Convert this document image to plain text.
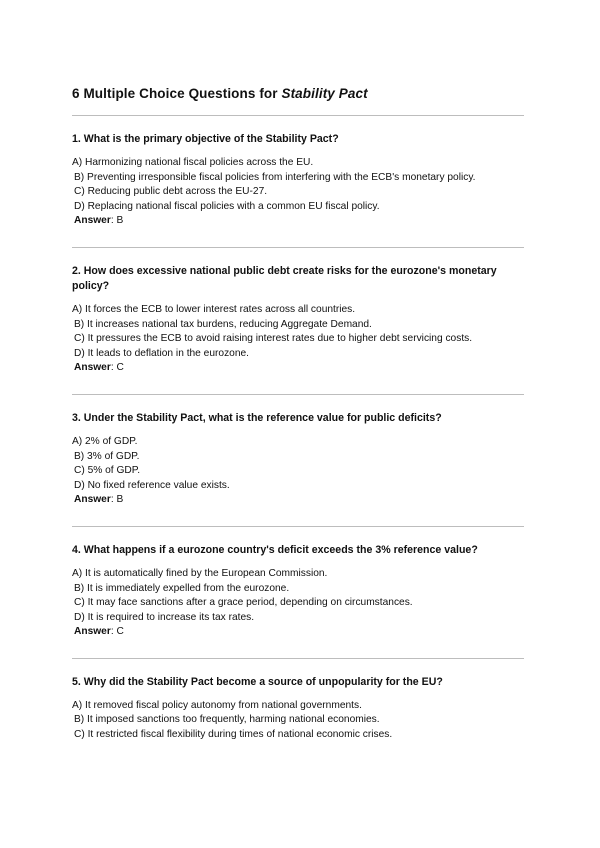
6 Multiple Choice Questions for Stability Pact

1. What is the primary objective of the Stability Pact?

A) Harmonizing national fiscal policies across the EU.
B) Preventing irresponsible fiscal policies from interfering with the ECB's monetary policy.
C) Reducing public debt across the EU-27.
D) Replacing national fiscal policies with a common EU fiscal policy.
Answer: B

2. How does excessive national public debt create risks for the eurozone's monetary policy?

A) It forces the ECB to lower interest rates across all countries.
B) It increases national tax burdens, reducing Aggregate Demand.
C) It pressures the ECB to avoid raising interest rates due to higher debt servicing costs.
D) It leads to deflation in the eurozone.
Answer: C

3. Under the Stability Pact, what is the reference value for public deficits?

A) 2% of GDP.
B) 3% of GDP.
C) 5% of GDP.
D) No fixed reference value exists.
Answer: B

4. What happens if a eurozone country's deficit exceeds the 3% reference value?

A) It is automatically fined by the European Commission.
B) It is immediately expelled from the eurozone.
C) It may face sanctions after a grace period, depending on circumstances.
D) It is required to increase its tax rates.
Answer: C

5. Why did the Stability Pact become a source of unpopularity for the EU?

A) It removed fiscal policy autonomy from national governments.
B) It imposed sanctions too frequently, harming national economies.
C) It restricted fiscal flexibility during times of national economic crises.
